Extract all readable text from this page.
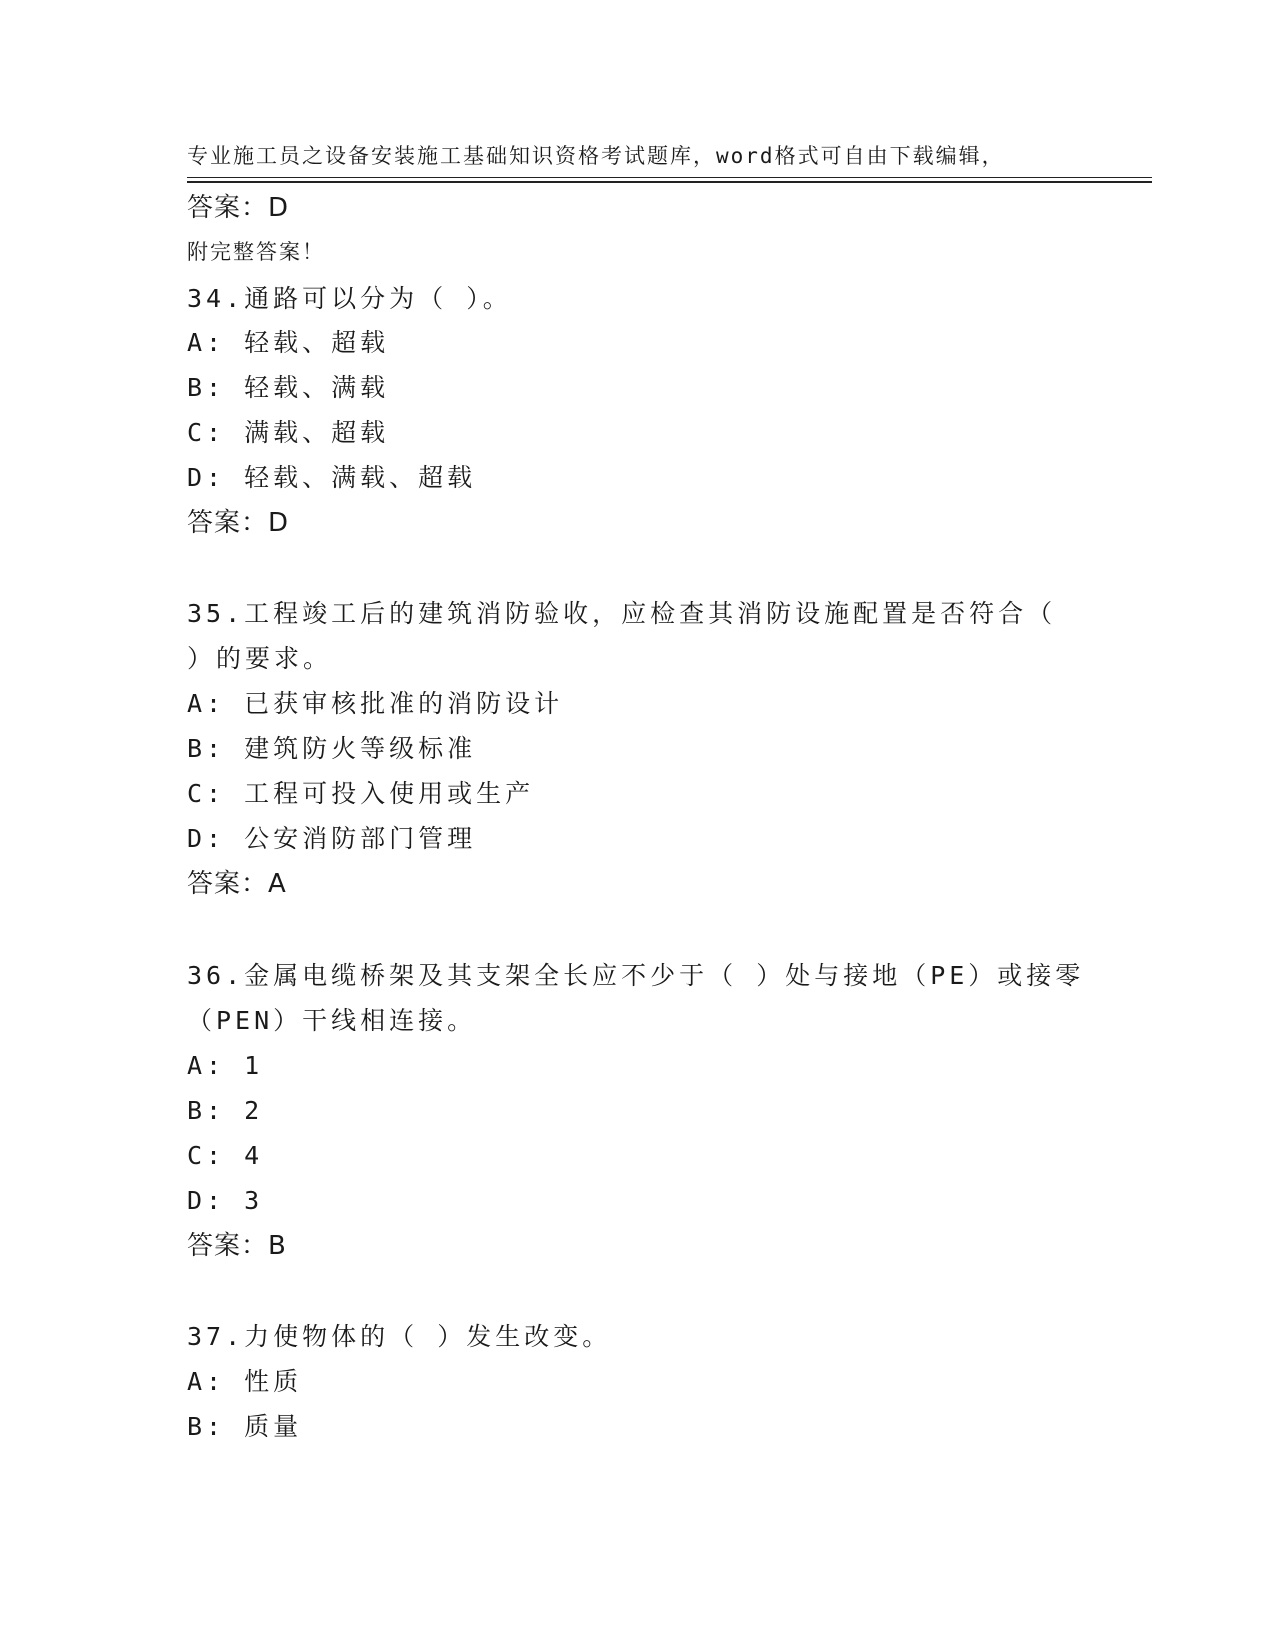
专业施工员之设备安装施工基础知识资格考试题库，word格式可自由下载编辑，

附完整答案！

答案：D
34.通路可以分为（ ）。
A: 轻载、超载
B: 轻载、满载
C: 满载、超载
D: 轻载、满载、超载
答案：D
35.工程竣工后的建筑消防验收，应检查其消防设施配置是否符合（
）的要求。
A: 已获审核批准的消防设计
B: 建筑防火等级标准
C: 工程可投入使用或生产
D: 公安消防部门管理
答案：A
36.金属电缆桥架及其支架全长应不少于（ ）处与接地（PE）或接零
（PEN）干线相连接。
A: 1
B: 2
C: 4
D: 3
答案：B
37.力使物体的（ ）发生改变。
A: 性质
B: 质量
